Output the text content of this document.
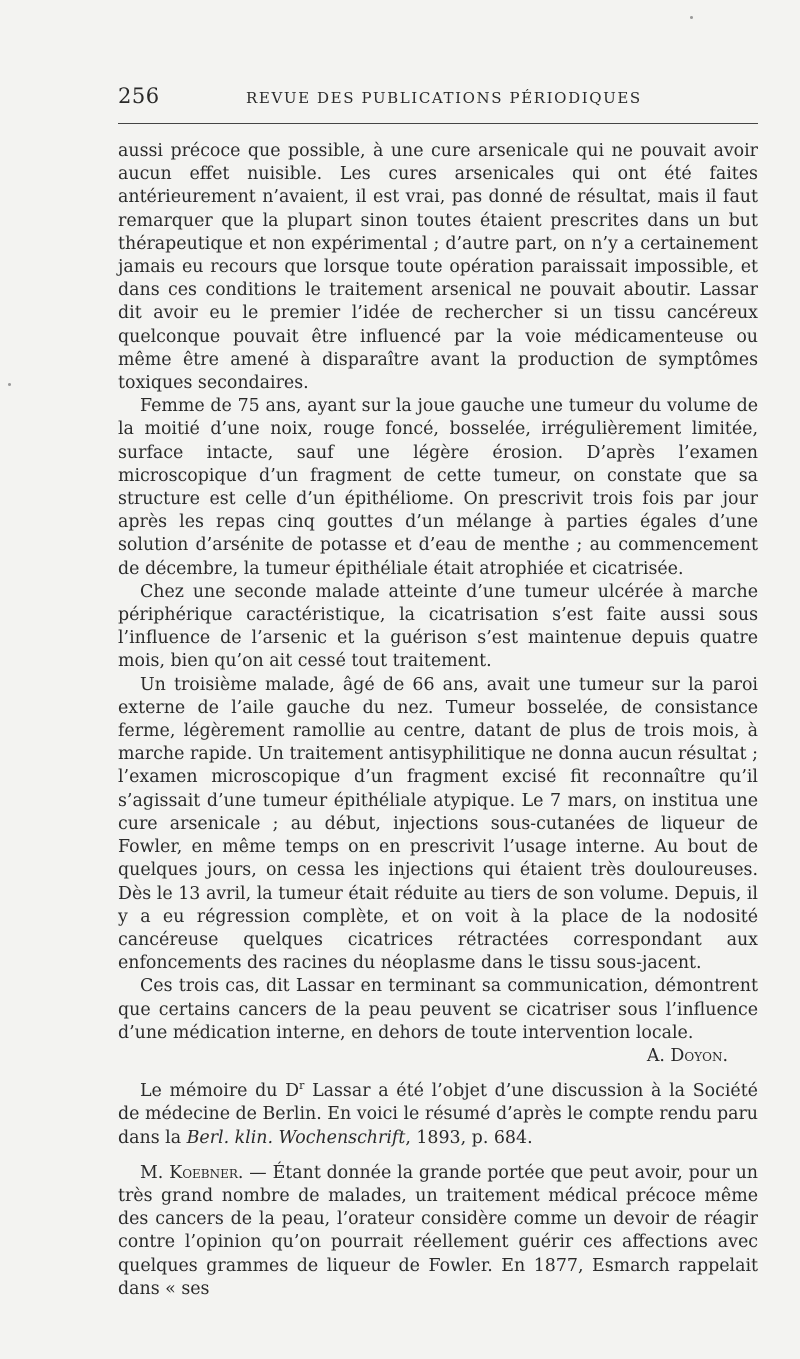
256	REVUE DES PUBLICATIONS PÉRIODIQUES

aussi précoce que possible, à une cure arsenicale qui ne pouvait avoir aucun effet nuisible. Les cures arsenicales qui ont été faites antérieurement n’avaient, il est vrai, pas donné de résultat, mais il faut remarquer que la plupart sinon toutes étaient prescrites dans un but thérapeutique et non expérimental ; d’autre part, on n’y a certainement jamais eu recours que lorsque toute opération paraissait impossible, et dans ces conditions le traitement arsenical ne pouvait aboutir. Lassar dit avoir eu le premier l’idée de rechercher si un tissu cancéreux quelconque pouvait être influencé par la voie médicamenteuse ou même être amené à disparaître avant la production de symptômes toxiques secondaires.

Femme de 75 ans, ayant sur la joue gauche une tumeur du volume de la moitié d’une noix, rouge foncé, bosselée, irrégulièrement limitée, surface intacte, sauf une légère érosion. D’après l’examen microscopique d’un fragment de cette tumeur, on constate que sa structure est celle d’un épithéliome. On prescrivit trois fois par jour après les repas cinq gouttes d’un mélange à parties égales d’une solution d’arsénite de potasse et d’eau de menthe ; au commencement de décembre, la tumeur épithéliale était atrophiée et cicatrisée.

Chez une seconde malade atteinte d’une tumeur ulcérée à marche périphérique caractéristique, la cicatrisation s’est faite aussi sous l’influence de l’arsenic et la guérison s’est maintenue depuis quatre mois, bien qu’on ait cessé tout traitement.

Un troisième malade, âgé de 66 ans, avait une tumeur sur la paroi externe de l’aile gauche du nez. Tumeur bosselée, de consistance ferme, légèrement ramollie au centre, datant de plus de trois mois, à marche rapide. Un traitement antisyphilitique ne donna aucun résultat ; l’examen microscopique d’un fragment excisé fit reconnaître qu’il s’agissait d’une tumeur épithéliale atypique. Le 7 mars, on institua une cure arsenicale ; au début, injections sous-cutanées de liqueur de Fowler, en même temps on en prescrivit l’usage interne. Au bout de quelques jours, on cessa les injections qui étaient très douloureuses. Dès le 13 avril, la tumeur était réduite au tiers de son volume. Depuis, il y a eu régression complète, et on voit à la place de la nodosité cancéreuse quelques cicatrices rétractées correspondant aux enfoncements des racines du néoplasme dans le tissu sous-jacent.

Ces trois cas, dit Lassar en terminant sa communication, démontrent que certains cancers de la peau peuvent se cicatriser sous l’influence d’une médication interne, en dehors de toute intervention locale.

A. Doyon.

Le mémoire du $D^r$ Lassar a été l’objet d’une discussion à la Société de médecine de Berlin. En voici le résumé d’après le compte rendu paru dans la Berl. klin. Wochenschrift, 1893, p. 684.

M. Koebner. — Étant donnée la grande portée que peut avoir, pour un très grand nombre de malades, un traitement médical précoce même des cancers de la peau, l’orateur considère comme un devoir de réagir contre l’opinion qu’on pourrait réellement guérir ces affections avec quelques grammes de liqueur de Fowler. En 1877, Esmarch rappelait dans « ses
